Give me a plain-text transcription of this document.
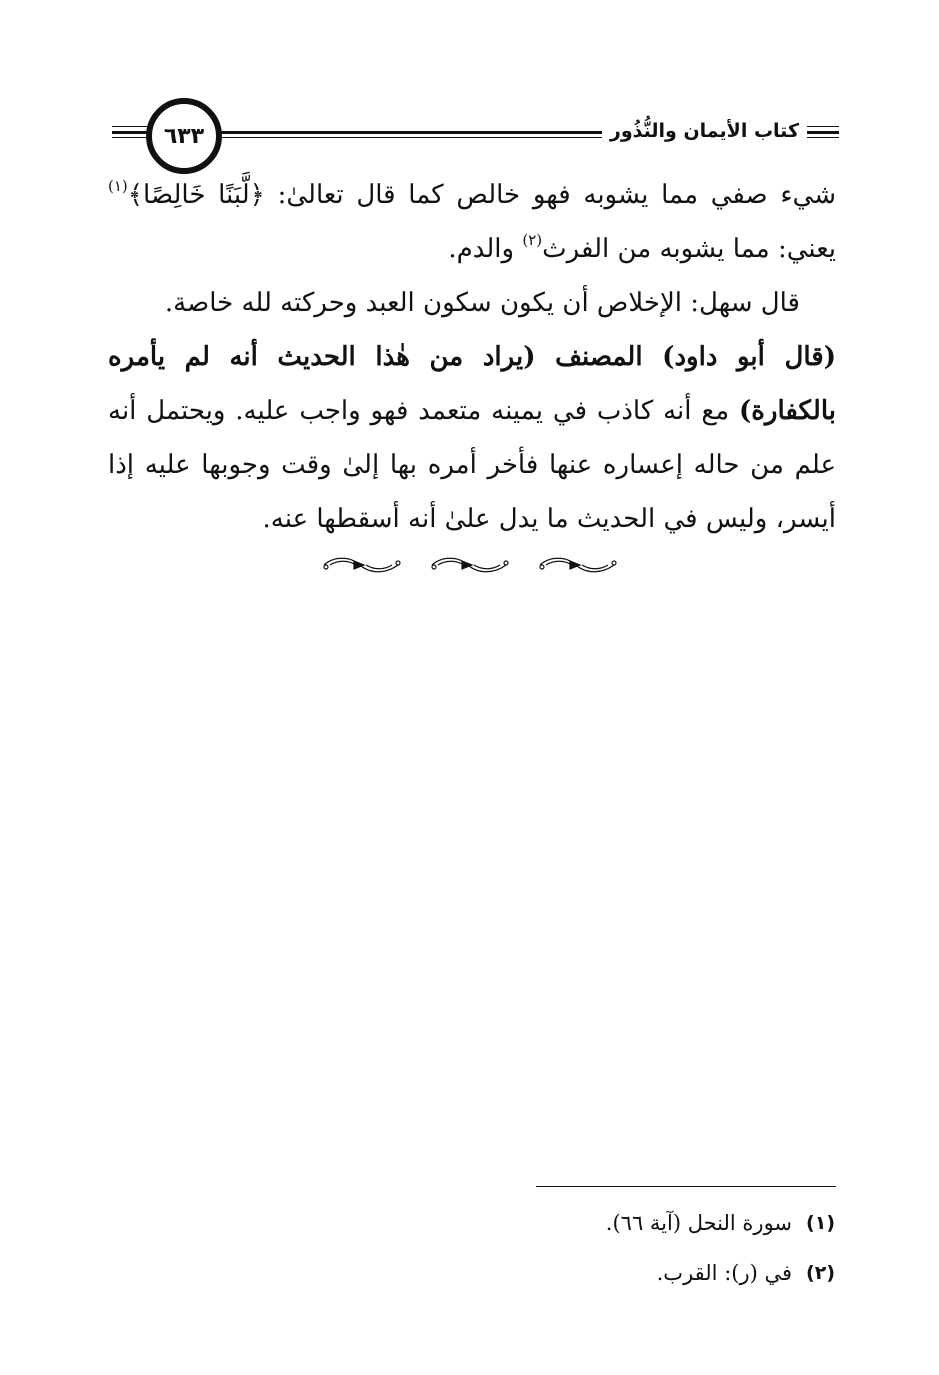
كتاب الأيمان والنُّذُور
٦٣٣

شيء صفي مما يشوبه فهو خالص كما قال تعالىٰ: ﴿لَّبَنًا خَالِصًا﴾$^{(١)}$ يعني: مما يشوبه من الفرث$^{(٢)}$ والدم.

قال سهل: الإخلاص أن يكون سكون العبد وحركته لله خاصة.

(قال أبو داود) المصنف (يراد من هٰذا الحديث أنه لم يأمره بالكفارة) مع أنه كاذب في يمينه متعمد فهو واجب عليه. ويحتمل أنه علم من حاله إعساره عنها فأخر أمره بها إلىٰ وقت وجوبها عليه إذا أيسر، وليس في الحديث ما يدل علىٰ أنه أسقطها عنه.

(١)
سورة النحل (آية ٦٦).
(٢)
في (ر): القرب.
